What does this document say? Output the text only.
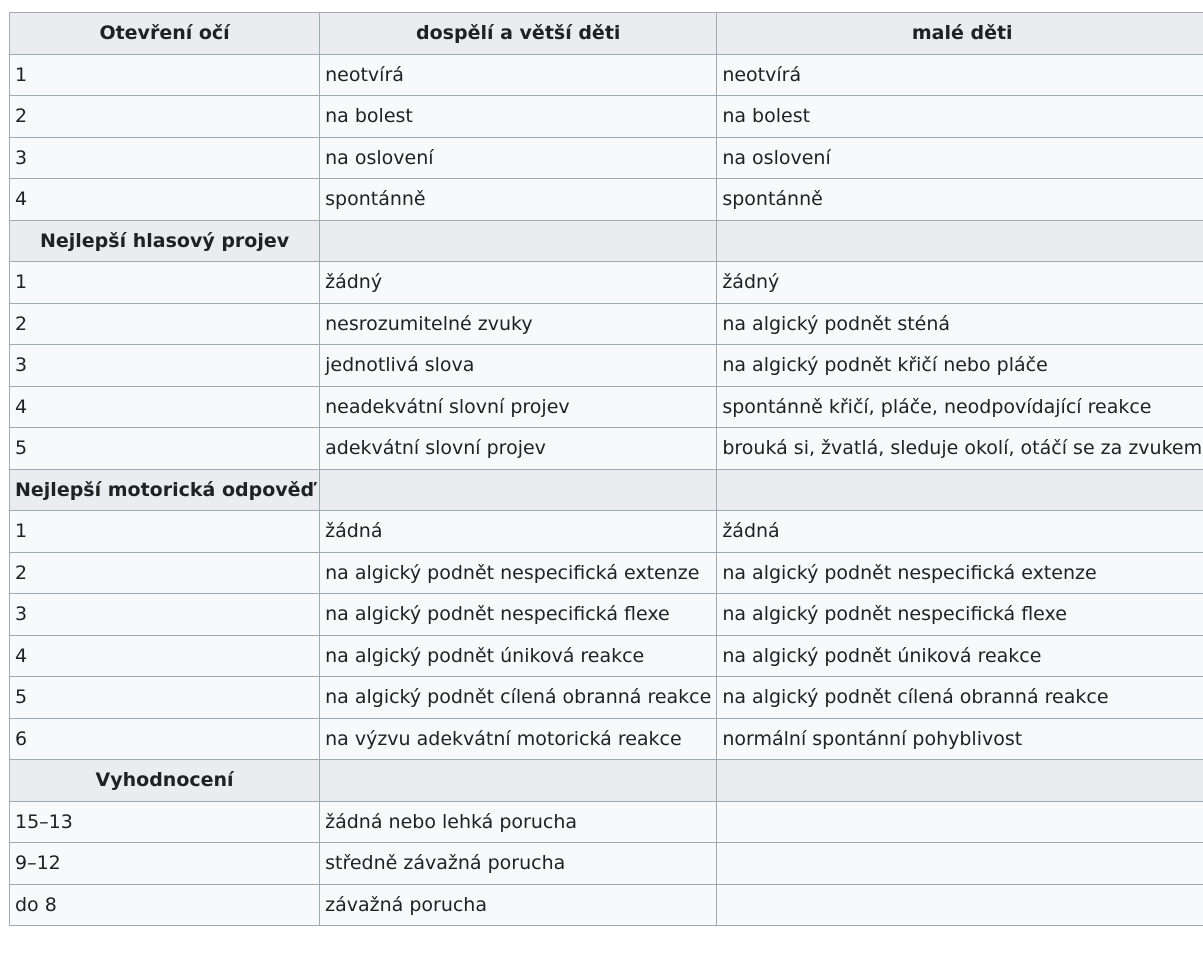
Otevření očí	dospělí a větší děti	malé děti
1	neotvírá	neotvírá
2	na bolest	na bolest
3	na oslovení	na oslovení
4	spontánně	spontánně
Nejlepší hlasový projev		
1	žádný	žádný
2	nesrozumitelné zvuky	na algický podnět sténá
3	jednotlivá slova	na algický podnět křičí nebo pláče
4	neadekvátní slovní projev	spontánně křičí, pláče, neodpovídající reakce
5	adekvátní slovní projev	brouká si, žvatlá, sleduje okolí, otáčí se za zvukem
Nejlepší motorická odpověď		
1	žádná	žádná
2	na algický podnět nespecifická extenze	na algický podnět nespecifická extenze
3	na algický podnět nespecifická flexe	na algický podnět nespecifická flexe
4	na algický podnět úniková reakce	na algický podnět úniková reakce
5	na algický podnět cílená obranná reakce	na algický podnět cílená obranná reakce
6	na výzvu adekvátní motorická reakce	normální spontánní pohyblivost
Vyhodnocení		
15–13	žádná nebo lehká porucha	
9–12	středně závažná porucha	
do 8	závažná porucha	
